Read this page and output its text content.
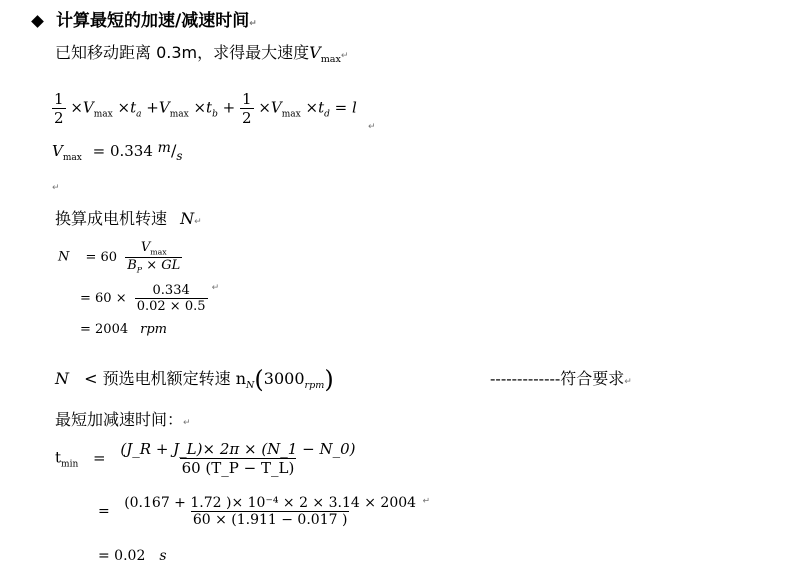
计算最短的加速/减速时间↵
已知移动距离 0.3m，求得最大速度$V_{max}↵$
$\frac{1}{2} \times V_{max} \times t_a +V_{max} \times t_b + \frac{1}{2} \times V_{max} \times t_d = l$
↵
$V_{max} = 0.334$ $m/_s$
↵
换算成电机转速 N↵
$N = 60 \frac{V_{max}}{B_P \times GL}$
= $60 \times \frac{0.334}{0.02 \times 0.5} ^↵$
= 2004 rpm
N < 预选电机额定转速 $n_N(3000_{rpm})$	-------------符合要求↵
最短加减速时间：↵
$t_{min} = \frac{(J\_R + J\_L)\times 2\pi \times (N\_1 - N\_0)}{60 (T\_P - T\_L)}$
= $\frac{\text{(0.167 + 1.72 )× 10⁻⁴ × 2 × 3.14 × 2004}}{60 \times (1.911 - 0.017 )} ^↵$
= 0.02 s
